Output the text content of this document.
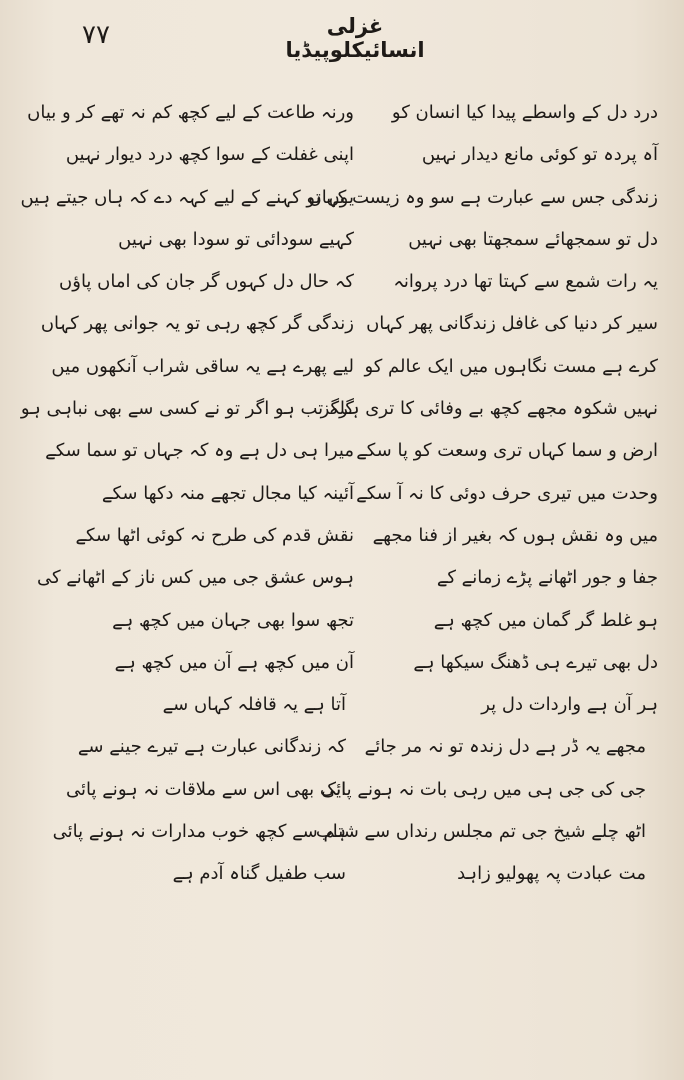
۷۷	غزلی انسائیکلوپیڈیا
درد دل کے واسطے پیدا کیا انسان کو
آہ پردہ تو کوئی مانع دیدار نہیں
زندگی جس سے عبارت ہے سو وہ زیست کہاں
دل تو سمجھائے سمجھتا بھی نہیں
یہ رات شمع سے کہتا تھا درد پروانہ
سیر کر دنیا کی غافل زندگانی پھر کہاں
کرے ہے مست نگاہوں میں ایک عالم کو
نہیں شکوہ مجھے کچھ بے وفائی کا تری ہرگز
ارض و سما کہاں تری وسعت کو پا سکے
وحدت میں تیری حرف دوئی کا نہ آ سکے
میں وہ نقش ہوں کہ بغیر از فنا مجھے
جفا و جور اٹھانے پڑے زمانے کے
ہو غلط گر گمان میں کچھ ہے
دل بھی تیرے ہی ڈھنگ سیکھا ہے
ہر آن ہے واردات دل پر
مجھے یہ ڈر ہے دل زندہ تو نہ مر جائے
جی کی جی ہی میں رہی بات نہ ہونے پائی
اٹھ چلے شیخ جی تم مجلس رنداں سے شتاب
مت عبادت پہ پھولیو زاہد
ورنہ طاعت کے لیے کچھ کم نہ تھے کر و بیاں
اپنی غفلت کے سوا کچھ درد دیوار نہیں
یوں تو کہنے کے لیے کہہ دے کہ ہاں جیتے ہیں
کہیے سودائی تو سودا بھی نہیں
کہ حال دل کہوں گر جان کی اماں پاؤں
زندگی گر کچھ رہی تو یہ جوانی پھر کہاں
لیے پھرے ہے یہ ساقی شراب آنکھوں میں
گلہ تب ہو اگر تو نے کسی سے بھی نباہی ہو
میرا ہی دل ہے وہ کہ جہاں تو سما سکے
آئینہ کیا مجال تجھے منہ دکھا سکے
نقش قدم کی طرح نہ کوئی اٹھا سکے
ہوس عشق جی میں کس ناز کے اٹھانے کی
تجھ سوا بھی جہان میں کچھ ہے
آن میں کچھ ہے آن میں کچھ ہے
آتا ہے یہ قافلہ کہاں سے
کہ زندگانی عبارت ہے تیرے جینے سے
ایک بھی اس سے ملاقات نہ ہونے پائی
ہم سے کچھ خوب مدارات نہ ہونے پائی
سب طفیل گناہ آدم ہے
